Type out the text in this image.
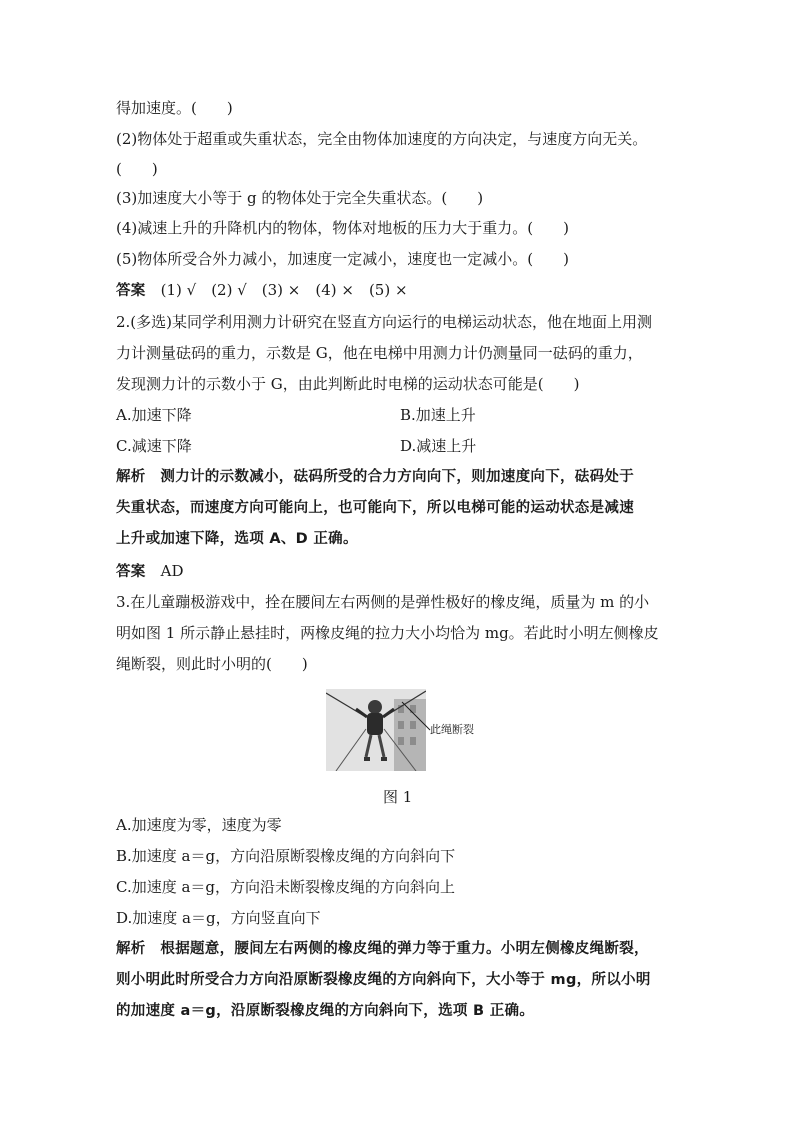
得加速度。(　　)
(2)物体处于超重或失重状态，完全由物体加速度的方向决定，与速度方向无关。
(　　)
(3)加速度大小等于 g 的物体处于完全失重状态。(　　)
(4)减速上升的升降机内的物体，物体对地板的压力大于重力。(　　)
(5)物体所受合外力减小，加速度一定减小，速度也一定减小。(　　)
答案　 (1) √　(2) √　(3) ×　(4) ×　(5) ×
2.(多选)某同学利用测力计研究在竖直方向运行的电梯运动状态，他在地面上用测
力计测量砝码的重力，示数是 G，他在电梯中用测力计仍测量同一砝码的重力，
发现测力计的示数小于 G，由此判断此时电梯的运动状态可能是(　　)
A.加速下降	B.加速上升
C.减速下降	D.减速上升
解析　测力计的示数减小，砝码所受的合力方向向下，则加速度向下，砝码处于
失重状态，而速度方向可能向上，也可能向下，所以电梯可能的运动状态是减速
上升或加速下降，选项 A、D 正确。
答案　 AD
3.在儿童蹦极游戏中，拴在腰间左右两侧的是弹性极好的橡皮绳，质量为 m 的小
明如图 1 所示静止悬挂时，两橡皮绳的拉力大小均恰为 mg。若此时小明左侧橡皮
绳断裂，则此时小明的(　　)
此绳断裂
图 1
A.加速度为零，速度为零
B.加速度 a＝g，方向沿原断裂橡皮绳的方向斜向下
C.加速度 a＝g，方向沿未断裂橡皮绳的方向斜向上
D.加速度 a＝g，方向竖直向下
解析　根据题意，腰间左右两侧的橡皮绳的弹力等于重力。小明左侧橡皮绳断裂，
则小明此时所受合力方向沿原断裂橡皮绳的方向斜向下，大小等于 mg，所以小明
的加速度 a＝g，沿原断裂橡皮绳的方向斜向下，选项 B 正确。
